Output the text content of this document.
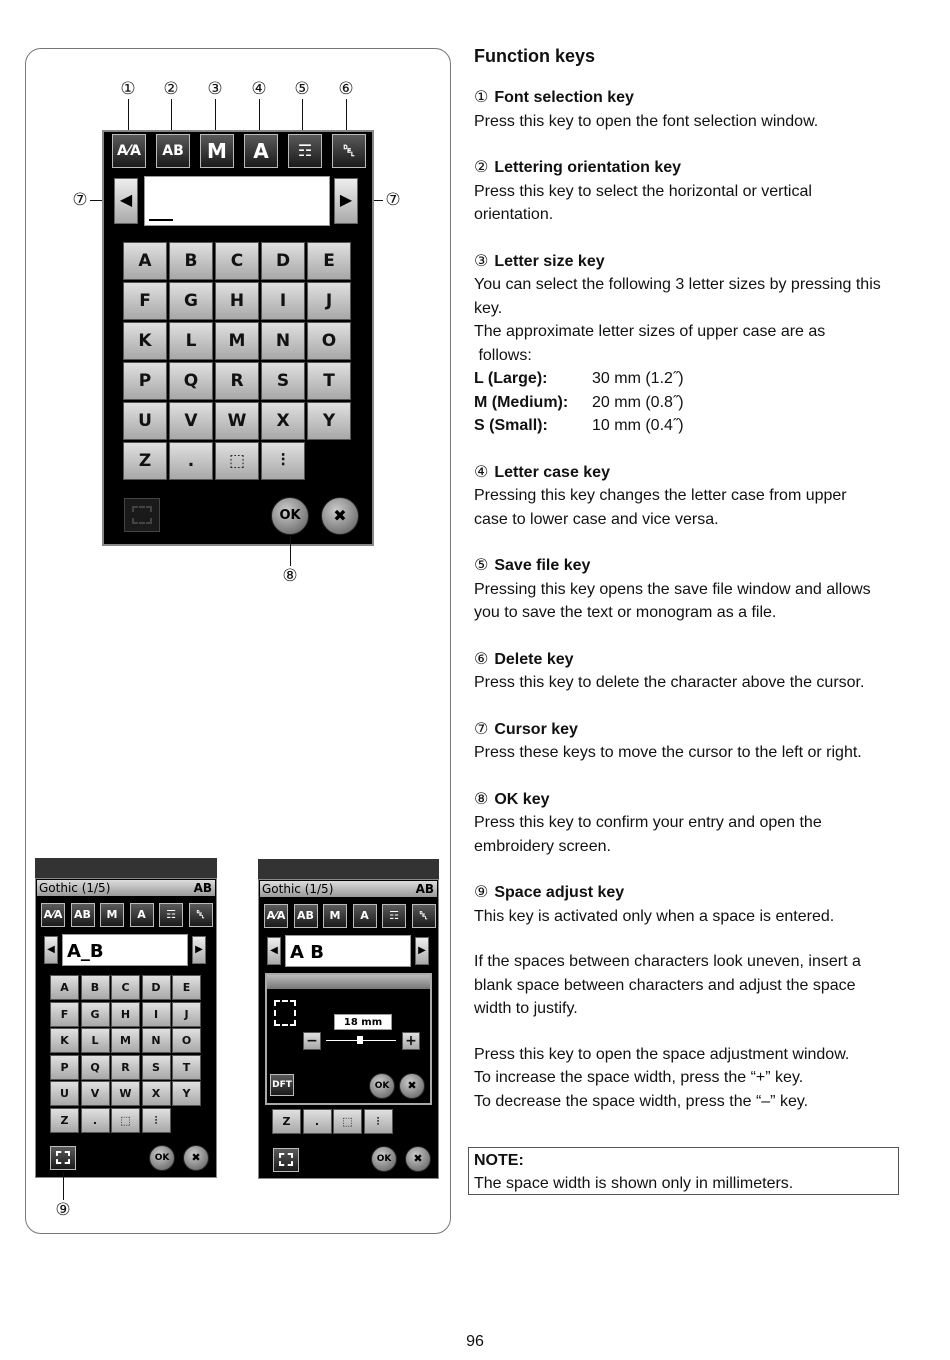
① ② ③ ④ ⑤ ⑥
⑦	⑦
A⁄A	AB	M	A	☶	␡
◀	▶
A	B	C	D	E
F	G	H	I	J
K	L	M	N	O
P	Q	R	S	T
U	V	W	X	Y
Z	.	⬚	⫶
OK	✖
⑧
Gothic (1/5)	AB
A⁄A	AB	M	A	☶	␡
◀ A_B	▶
A	B	C	D	E
F	G	H	I	J
K	L	M	N	O
P	Q	R	S	T
U	V	W	X	Y
Z	.	⬚	⫶
OK	✖
⑨
Gothic (1/5)	AB
A⁄A	AB	M	A	☶	␡
◀ A B	▶
18 mm
−	+
DFT	OK	✖
Z	.	⬚	⫶
OK	✖
Function keys
① Font selection key
Press this key to open the font selection window.
② Lettering orientation key
Press this key to select the horizontal or vertical
orientation.
③ Letter size key
You can select the following 3 letter sizes by pressing this
key.
The approximate letter sizes of upper case are as
follows:
L (Large):	30 mm (1.2˝)
M (Medium):	20 mm (0.8˝)
S (Small):	10 mm (0.4˝)
④ Letter case key
Pressing this key changes the letter case from upper
case to lower case and vice versa.
⑤ Save file key
Pressing this key opens the save file window and allows
you to save the text or monogram as a file.
⑥ Delete key
Press this key to delete the character above the cursor.
⑦ Cursor key
Press these keys to move the cursor to the left or right.
⑧ OK key
Press this key to confirm your entry and open the
embroidery screen.
⑨ Space adjust key
This key is activated only when a space is entered.
If the spaces between characters look uneven, insert a
blank space between characters and adjust the space
width to justify.
Press this key to open the space adjustment window.
To increase the space width, press the “+” key.
To decrease the space width, press the “–” key.
NOTE:
The space width is shown only in millimeters.
96
